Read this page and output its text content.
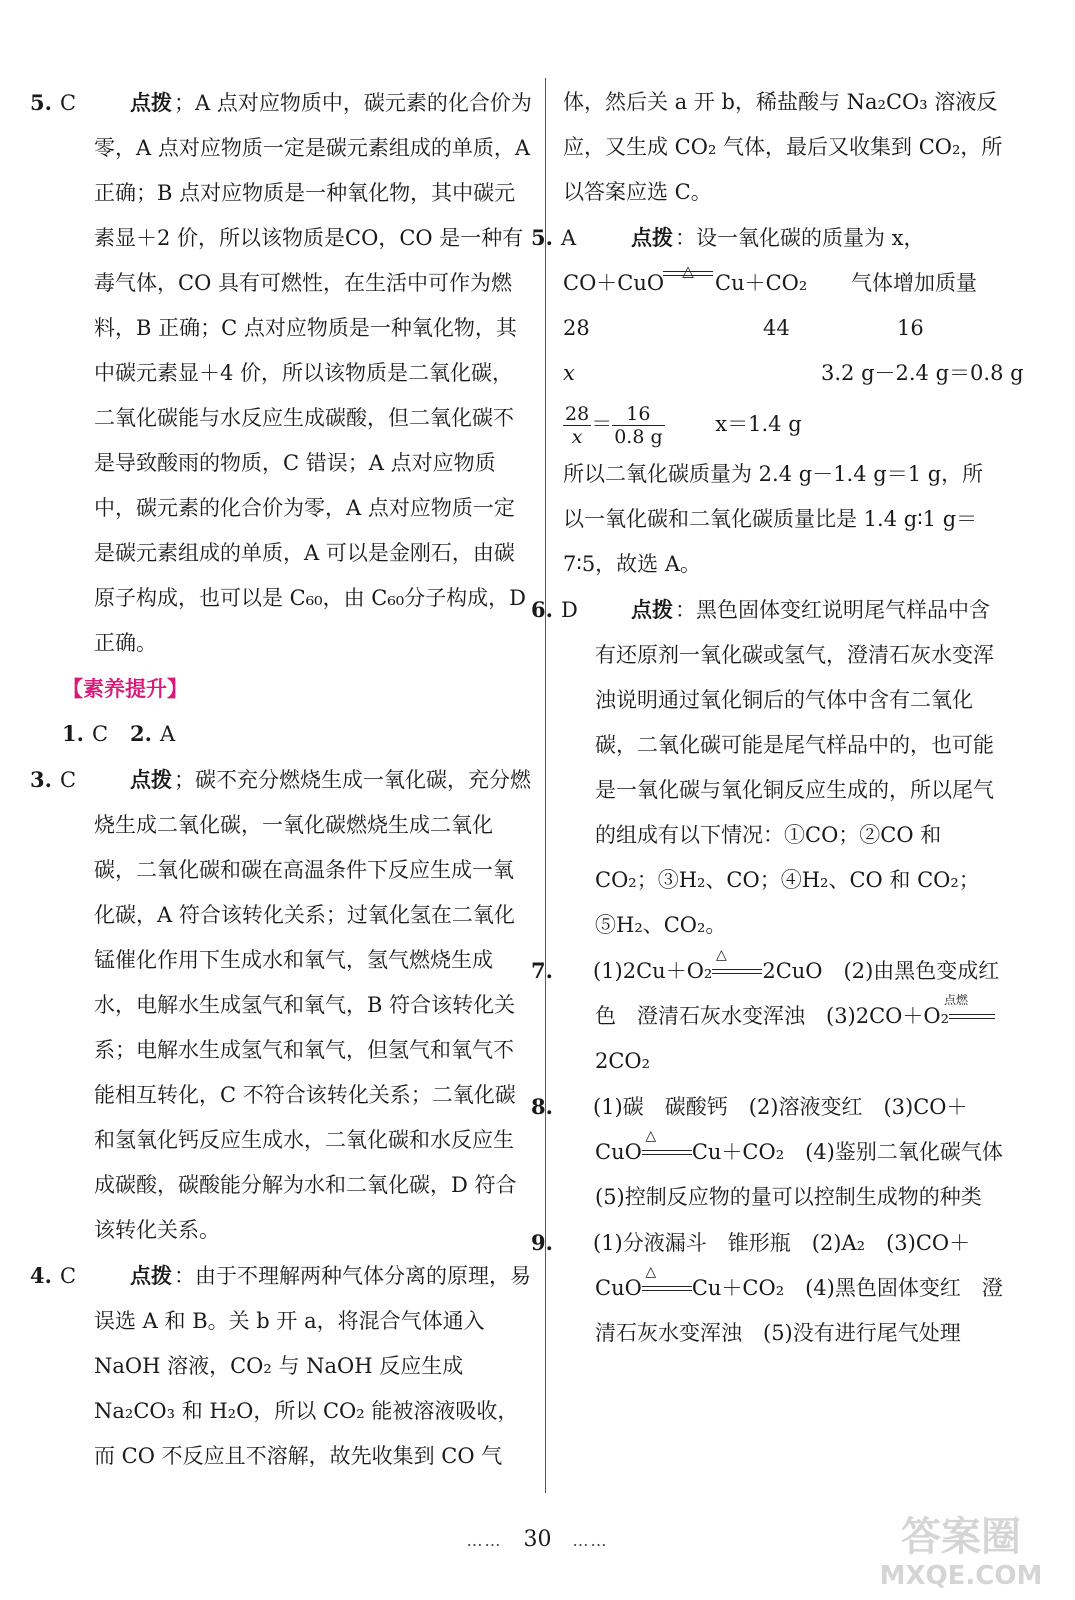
5. C	点拨；A 点对应物质中，碳元素的化合价为零，A 点对应物质一定是碳元素组成的单质，A 正确；B 点对应物质是一种氧化物，其中碳元素显＋2 价，所以该物质是CO，CO 是一种有毒气体，CO 具有可燃性，在生活中可作为燃料，B 正确；C 点对应物质是一种氧化物，其中碳元素显＋4 价，所以该物质是二氧化碳，二氧化碳能与水反应生成碳酸，但二氧化碳不是导致酸雨的物质，C 错误；A 点对应物质中，碳元素的化合价为零，A 点对应物质一定是碳元素组成的单质，A 可以是金刚石，由碳原子构成，也可以是 C₆₀，由 C₆₀分子构成，D 正确。

【素养提升】

1. C 2. A

3. C	点拨；碳不充分燃烧生成一氧化碳，充分燃烧生成二氧化碳，一氧化碳燃烧生成二氧化碳，二氧化碳和碳在高温条件下反应生成一氧化碳，A 符合该转化关系；过氧化氢在二氧化锰催化作用下生成水和氧气，氢气燃烧生成水，电解水生成氢气和氧气，B 符合该转化关系；电解水生成氢气和氧气，但氢气和氧气不能相互转化，C 不符合该转化关系；二氧化碳和氢氧化钙反应生成水，二氧化碳和水反应生成碳酸，碳酸能分解为水和二氧化碳，D 符合该转化关系。

4. C	点拨：由于不理解两种气体分离的原理，易误选 A 和 B。关 b 开 a，将混合气体通入 NaOH 溶液，CO₂ 与 NaOH 反应生成 Na₂CO₃ 和 H₂O，所以 CO₂ 能被溶液吸收，而 CO 不反应且不溶解，故先收集到 CO 气

体，然后关 a 开 b，稀盐酸与 Na₂CO₃ 溶液反应，又生成 CO₂ 气体，最后又收集到 CO₂，所以答案应选 C。

5. A	点拨：设一氧化碳的质量为 x，

CO＋CuO	△	Cu＋CO₂ 气体增加质量
28	44	16
x	3.2 g－2.4 g＝0.8 g
$\frac{28}{x} = \frac{16}{0.8 g} x=1.4$ g

所以二氧化碳质量为 2.4 g－1.4 g＝1 g，所以一氧化碳和二氧化碳质量比是 1.4 g∶1 g＝7∶5，故选 A。

6. D	点拨：黑色固体变红说明尾气样品中含有还原剂一氧化碳或氢气，澄清石灰水变浑浊说明通过氧化铜后的气体中含有二氧化碳，二氧化碳可能是尾气样品中的，也可能是一氧化碳与氧化铜反应生成的，所以尾气的组成有以下情况：①CO；②CO 和 CO₂；③H₂、CO；④H₂、CO 和 CO₂；⑤H₂、CO₂。

7. (1)2Cu＋O₂
△
2CuO　 (2)由黑色变成红色　澄清石灰水变浑浊　 (3)2CO＋O₂
点燃
2CO₂

8. (1)碳　碳酸钙　(2)溶液变红　(3)CO＋CuO
△
Cu＋CO₂　(4)鉴别二氧化碳气体　(5)控制反应物的量可以控制生成物的种类

9. (1)分液漏斗　锥形瓶　(2)A₂　(3)CO＋CuO
△
Cu＋CO₂　(4)黑色固体变红　澄清石灰水变浑浊　(5)没有进行尾气处理

…… 30 ……	答案圈
MXQE.COM
